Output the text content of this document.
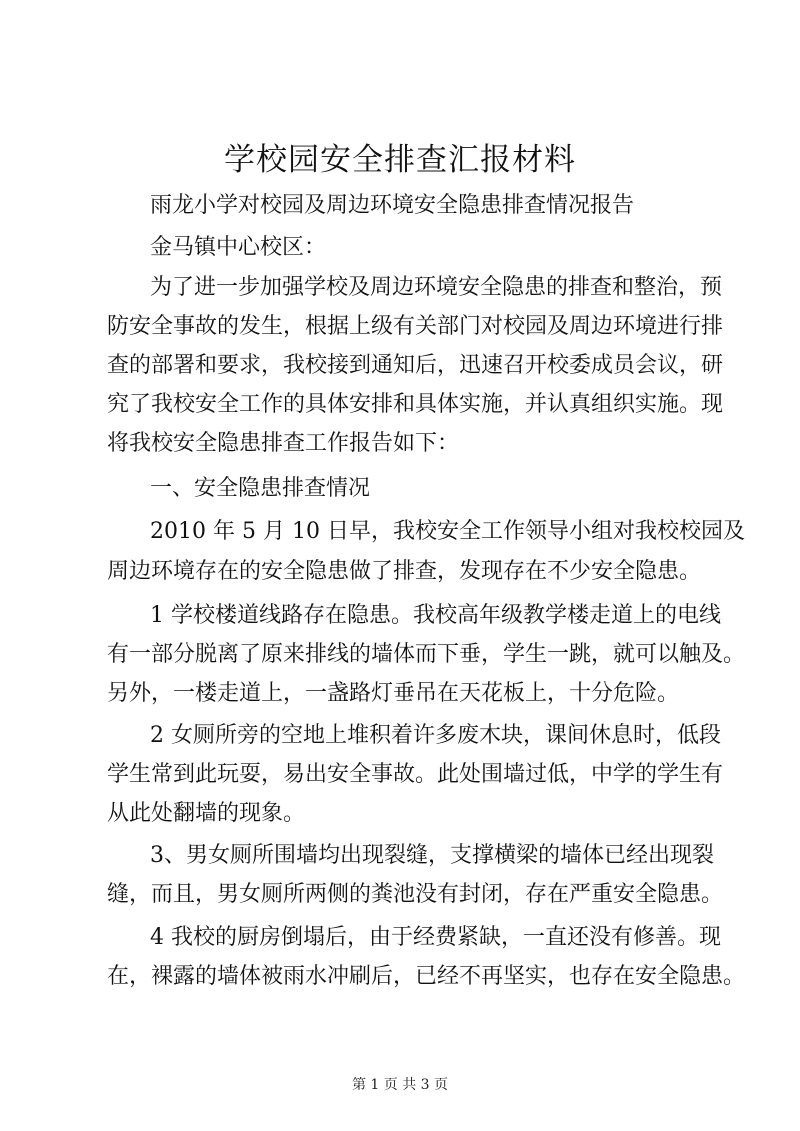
学校园安全排查汇报材料
雨龙小学对校园及周边环境安全隐患排查情况报告
金马镇中心校区：
为了进一步加强学校及周边环境安全隐患的排查和整治，预
防安全事故的发生，根据上级有关部门对校园及周边环境进行排
查的部署和要求，我校接到通知后，迅速召开校委成员会议，研
究了我校安全工作的具体安排和具体实施，并认真组织实施。现
将我校安全隐患排查工作报告如下：
一、安全隐患排查情况
2010 年 5 月 10 日早，我校安全工作领导小组对我校校园及
周边环境存在的安全隐患做了排查，发现存在不少安全隐患。
1 学校楼道线路存在隐患。我校高年级教学楼走道上的电线
有一部分脱离了原来排线的墙体而下垂，学生一跳，就可以触及。
另外，一楼走道上，一盏路灯垂吊在天花板上，十分危险。
2 女厕所旁的空地上堆积着许多废木块，课间休息时，低段
学生常到此玩耍，易出安全事故。此处围墙过低，中学的学生有
从此处翻墙的现象。
3、男女厕所围墙均出现裂缝，支撑横梁的墙体已经出现裂
缝，而且，男女厕所两侧的粪池没有封闭，存在严重安全隐患。
4 我校的厨房倒塌后，由于经费紧缺，一直还没有修善。现
在，裸露的墙体被雨水冲刷后，已经不再坚实，也存在安全隐患。
第 1 页 共 3 页
